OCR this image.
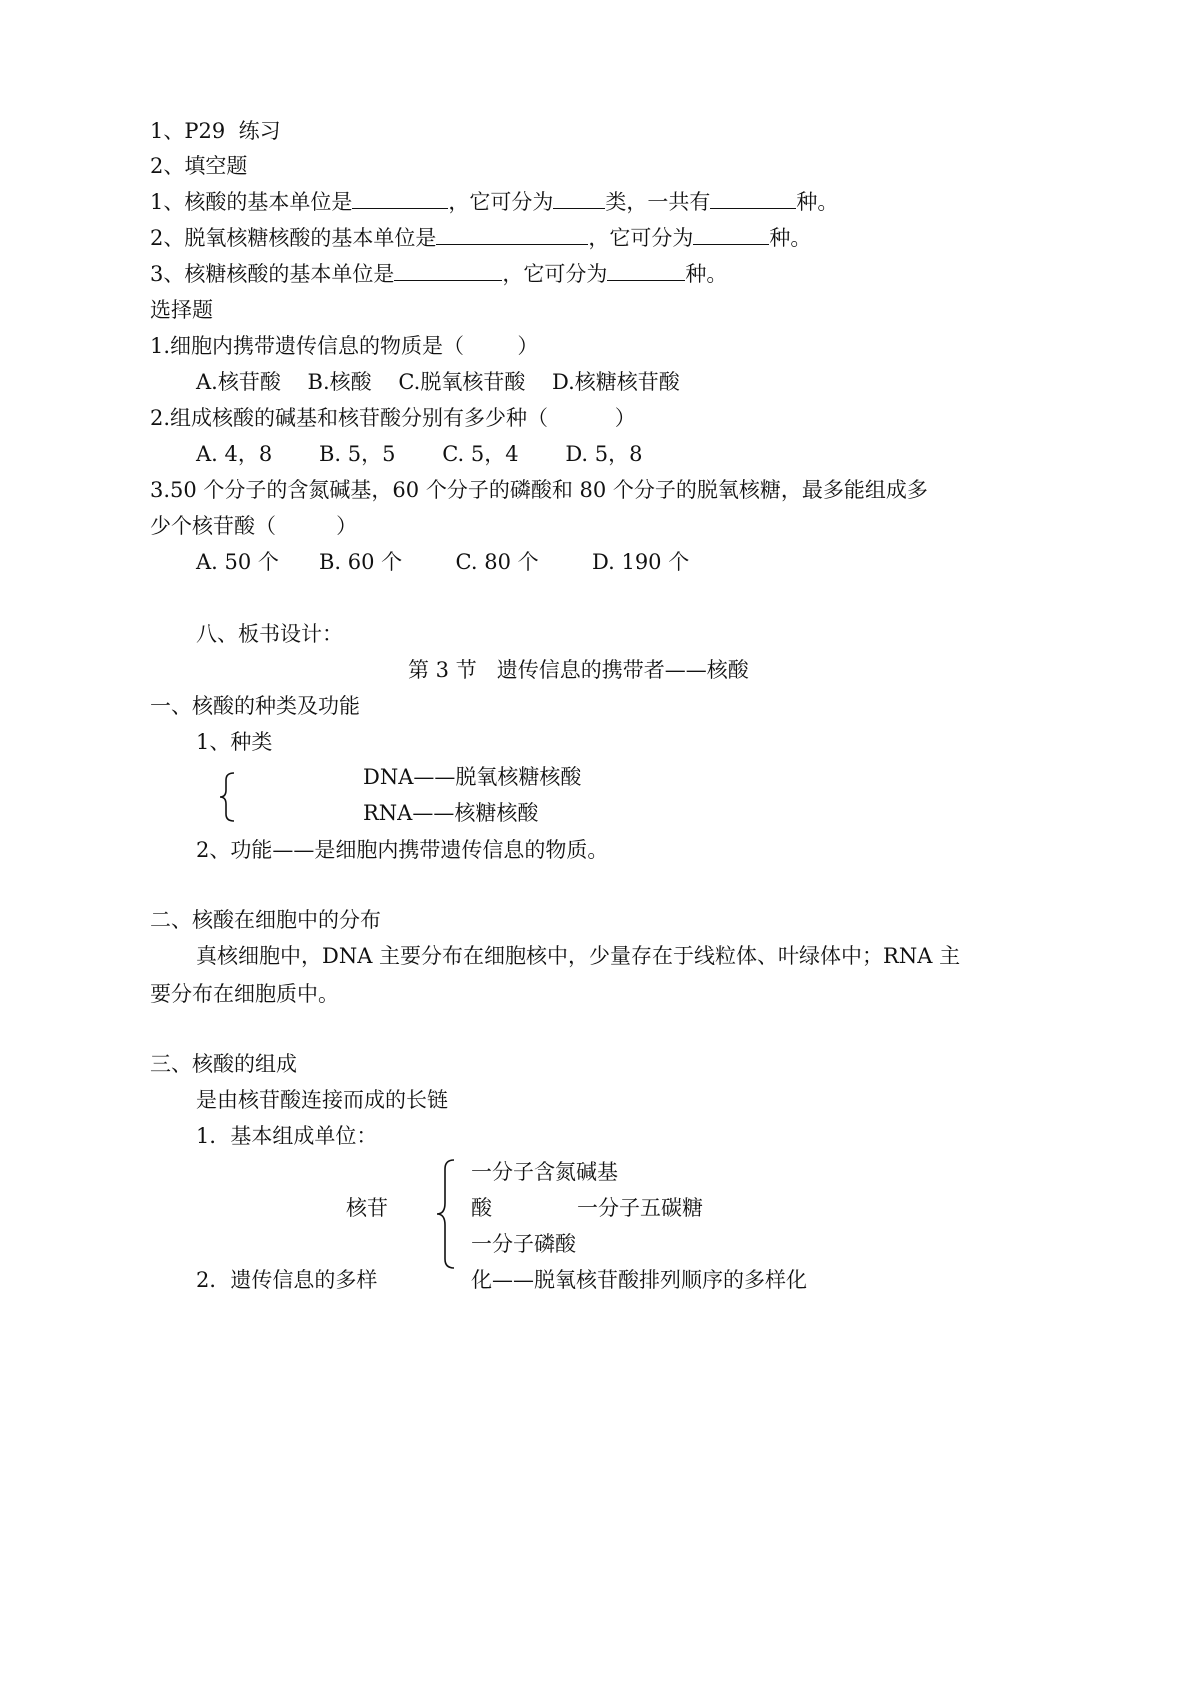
1、P29  练习
2、填空题
1、核酸的基本单位是	，它可分为 类，一共有	种。
2、脱氧核糖核酸的基本单位是	，它可分为	种。
3、核糖核酸的基本单位是	，它可分为	种。
选择题
1.细胞内携带遗传信息的物质是（        ）
A.核苷酸    B.核酸    C.脱氧核苷酸    D.核糖核苷酸
2.组成核酸的碱基和核苷酸分别有多少种（          ）
A. 4，8       B. 5，5       C. 5，4       D. 5，8
3.50 个分子的含氮碱基，60 个分子的磷酸和 80 个分子的脱氧核糖，最多能组成多
少个核苷酸（         ）
A. 50 个      B. 60 个        C. 80 个        D. 190 个
八、板书设计：
第 3 节   遗传信息的携带者——核酸
一、核酸的种类及功能
1、种类
DNA——脱氧核糖核酸
RNA——核糖核酸
2、功能——是细胞内携带遗传信息的物质。
二、核酸在细胞中的分布
真核细胞中，DNA 主要分布在细胞核中，少量存在于线粒体、叶绿体中；RNA 主
要分布在细胞质中。
三、核酸的组成
是由核苷酸连接而成的长链
1．基本组成单位：
核苷
一分子含氮碱基
酸	一分子五碳糖
一分子磷酸
2．遗传信息的多样	化——脱氧核苷酸排列顺序的多样化
